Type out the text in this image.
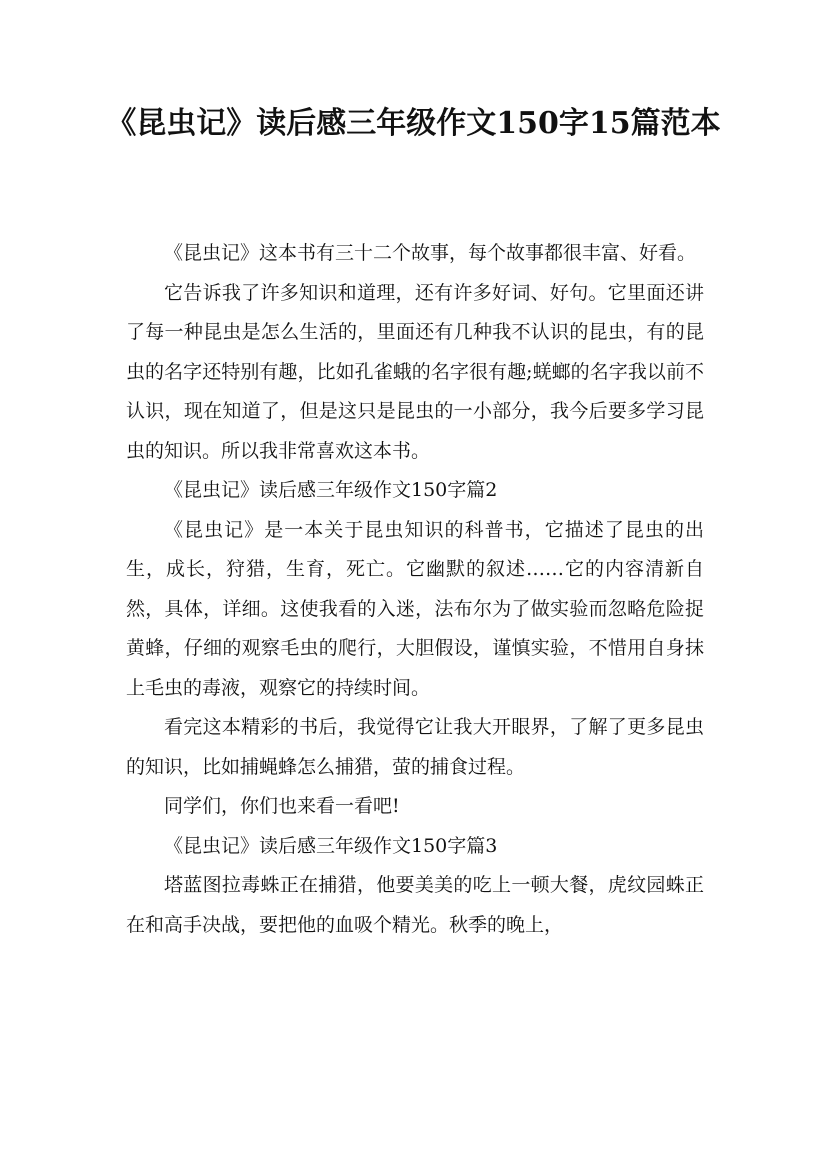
《昆虫记》读后感三年级作文150字15篇范本

《昆虫记》这本书有三十二个故事，每个故事都很丰富、好看。

它告诉我了许多知识和道理，还有许多好词、好句。它里面还讲了每一种昆虫是怎么生活的，里面还有几种我不认识的昆虫，有的昆虫的名字还特别有趣，比如孔雀蛾的名字很有趣;蜣螂的名字我以前不认识，现在知道了，但是这只是昆虫的一小部分，我今后要多学习昆虫的知识。所以我非常喜欢这本书。

《昆虫记》读后感三年级作文150字篇2

《昆虫记》是一本关于昆虫知识的科普书，它描述了昆虫的出生，成长，狩猎，生育，死亡。它幽默的叙述……它的内容清新自然，具体，详细。这使我看的入迷，法布尔为了做实验而忽略危险捉黄蜂，仔细的观察毛虫的爬行，大胆假设，谨慎实验，不惜用自身抹上毛虫的毒液，观察它的持续时间。

看完这本精彩的书后，我觉得它让我大开眼界，了解了更多昆虫的知识，比如捕蝇蜂怎么捕猎，萤的捕食过程。

同学们，你们也来看一看吧!

《昆虫记》读后感三年级作文150字篇3

塔蓝图拉毒蛛正在捕猎，他要美美的吃上一顿大餐，虎纹园蛛正在和高手决战，要把他的血吸个精光。秋季的晚上，
